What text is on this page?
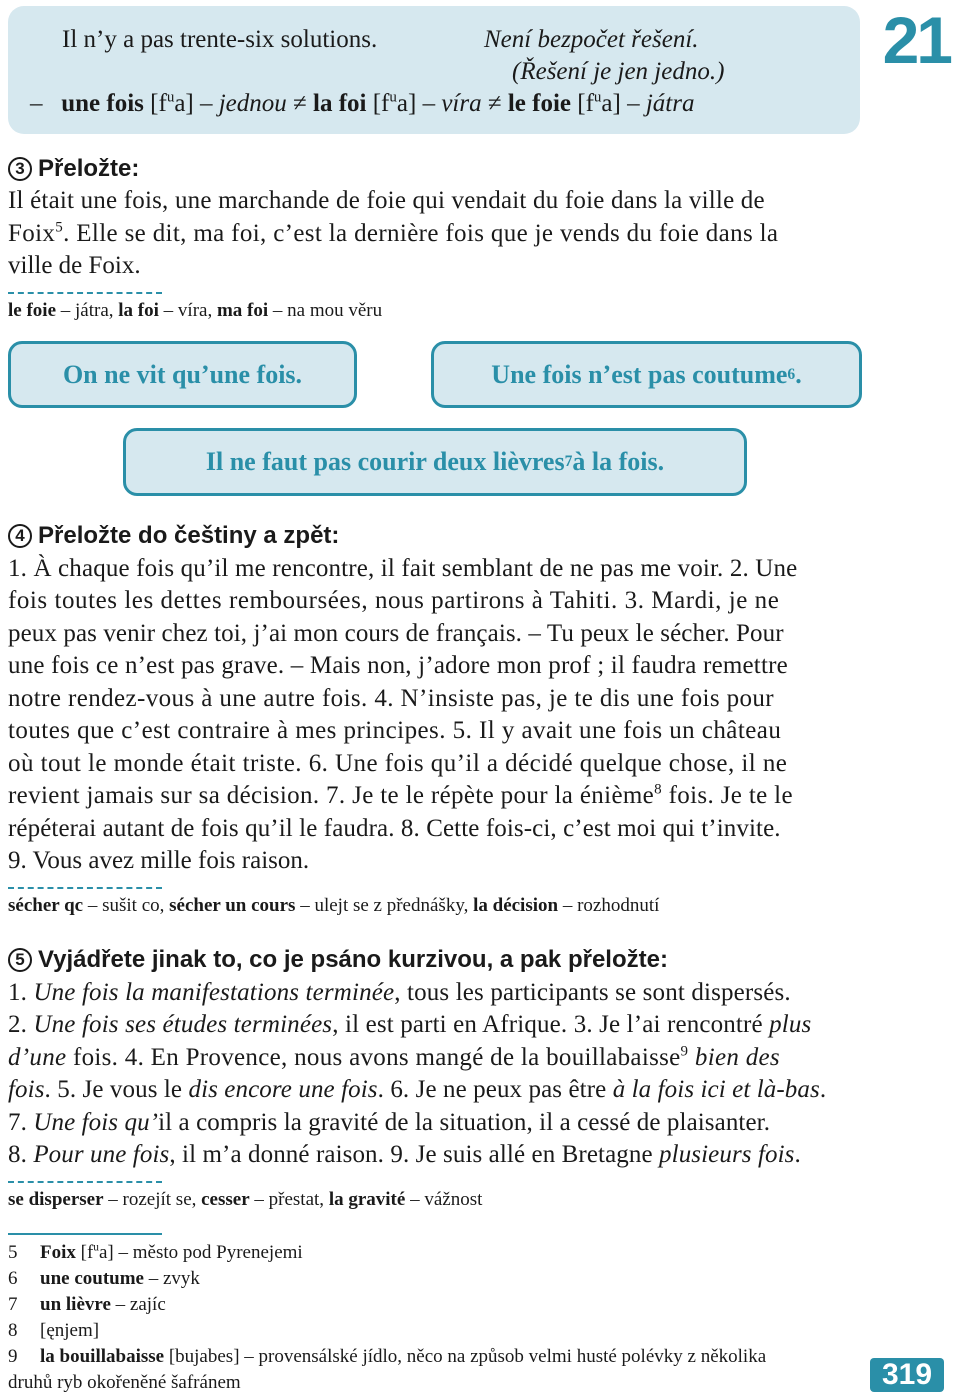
21
Il n’y a pas trente-six solutions.	Není bezpočet řešení.
(Řešení je jen jedno.)
– une fois $[f^ua]$ – jednou ≠ la foi $[f^ua]$ – víra ≠ le foie $[f^ua]$ – játra
3 Přeložte:
Il était une fois, une marchande de foie qui vendait du foie dans la ville de
Foix$^5$. Elle se dit, ma foi, c’est la dernière fois que je vends du foie dans la
ville de Foix.
le foie – játra, la foi – víra, ma foi – na mou věru
On ne vit qu’une fois.	Une fois n’est pas coutume 6 .
Il ne faut pas courir deux lièvres 7 à la fois.
4 Přeložte do češtiny a zpět:
1. À chaque fois qu’il me rencontre, il fait semblant de ne pas me voir. 2. Une
fois toutes les dettes remboursées, nous partirons à Tahiti. 3. Mardi, je ne
peux pas venir chez toi, j’ai mon cours de français. – Tu peux le sécher. Pour
une fois ce n’est pas grave. – Mais non, j’adore mon prof ; il faudra remettre
notre rendez-vous à une autre fois. 4. N’insiste pas, je te dis une fois pour
toutes que c’est contraire à mes principes. 5. Il y avait une fois un château
où tout le monde était triste. 6. Une fois qu’il a décidé quelque chose, il ne
revient jamais sur sa décision. 7. Je te le répète pour la énième$^8$ fois. Je te le
répéterai autant de fois qu’il le faudra. 8. Cette fois-ci, c’est moi qui t’invite.
9. Vous avez mille fois raison.
sécher qc – sušit co, sécher un cours – ulejt se z přednášky, la décision – rozhodnutí
5 Vyjádřete jinak to, co je psáno kurzivou, a pak přeložte:
1. Une fois la manifestations terminée, tous les participants se sont dispersés.
2. Une fois ses études terminées, il est parti en Afrique. 3. Je l’ai rencontré plus
d’une fois. 4. En Provence, nous avons mangé de la bouillabaisse$^9$ bien des
fois. 5. Je vous le dis encore une fois. 6. Je ne peux pas être à la fois ici et là-bas.
7. Une fois qu’il a compris la gravité de la situation, il a cessé de plaisanter.
8. Pour une fois, il m’a donné raison. 9. Je suis allé en Bretagne plusieurs fois.
se disperser – rozejít se, cesser – přestat, la gravité – vážnost
5 Foix $[f^ua]$ – město pod Pyrenejemi
6 une coutume – zvyk
7 un lièvre – zajíc
8 [ęnjem]
9 la bouillabaisse [bujabes] – provensálské jídlo, něco na způsob velmi husté polévky z několika
druhů ryb okořeněné šafránem	319
